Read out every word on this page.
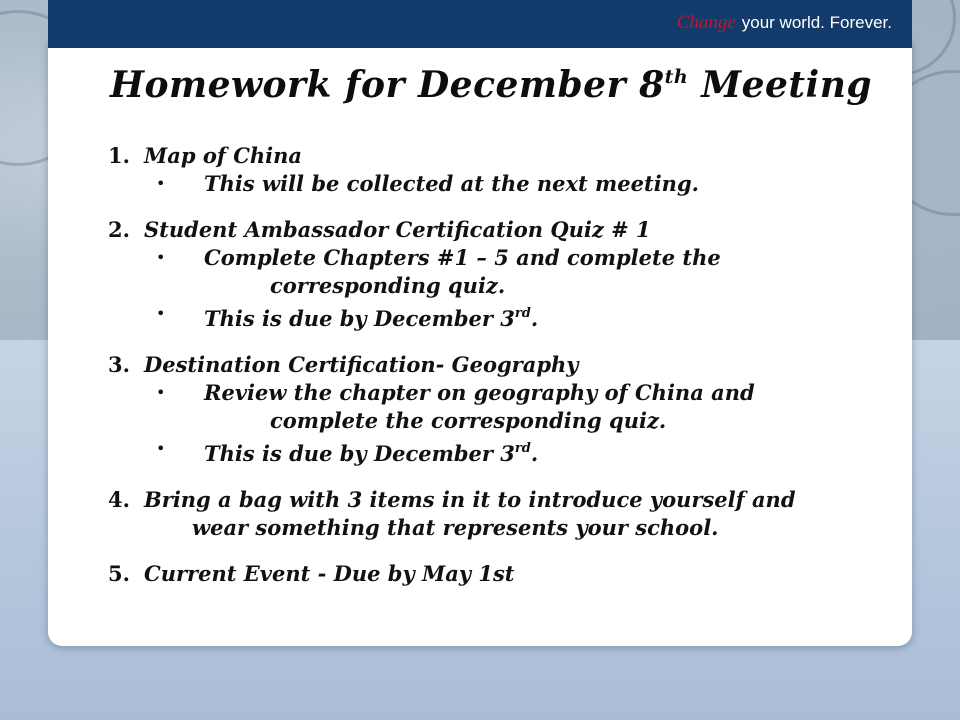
Change your world. Forever.
Homework for December 8th Meeting
1. Map of China
•	This will be collected at the next meeting.
2. Student Ambassador Certification Quiz # 1
•	Complete Chapters #1 – 5 and complete the
corresponding quiz.
•	This is due by December 3rd.
3. Destination Certification- Geography
•	Review the chapter on geography of China and
complete the corresponding quiz.
•	This is due by December 3rd.
4. Bring a bag with 3 items in it to introduce yourself and
wear something that represents your school.
5. Current Event - Due by May 1st
